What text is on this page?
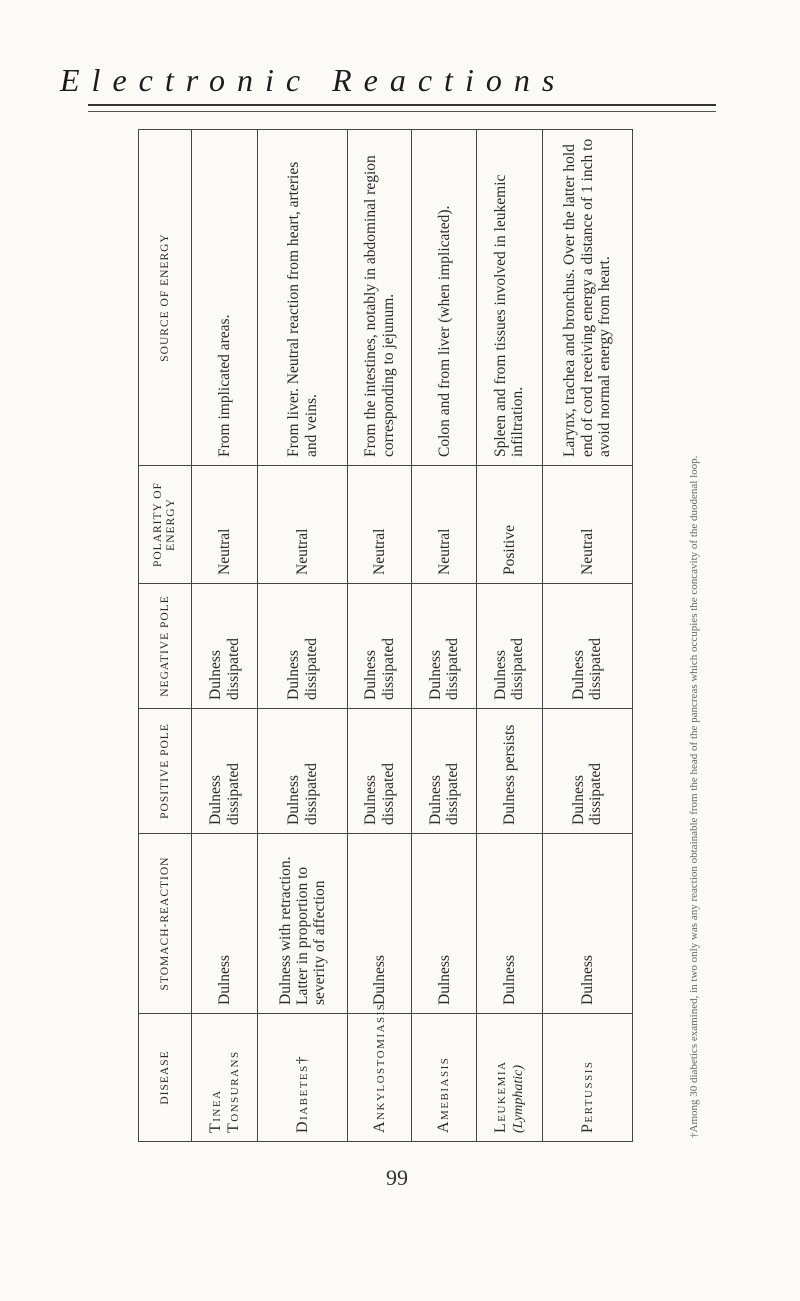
Electronic Reactions
DISEASE	STOMACH-REACTION	POSITIVE POLE	NEGATIVE POLE	POLARITY OF ENERGY	SOURCE OF ENERGY
Tinea Tonsurans	Dulness	Dulness dissipated	Dulness dissipated	Neutral	From implicated areas.
Diabetes†	Dulness with retraction. Latter in proportion to severity of affection	Dulness dissipated	Dulness dissipated	Neutral	From liver. Neutral reaction from heart, arteries and veins.
Ankylostomiasis	Dulness	Dulness dissipated	Dulness dissipated	Neutral	From the intestines, notably in abdominal region corresponding to jejunum.
Amebiasis	Dulness	Dulness dissipated	Dulness dissipated	Neutral	Colon and from liver (when implicated).
Leukemia (Lymphatic)	Dulness	Dulness persists	Dulness dissipated	Positive	Spleen and from tissues involved in leukemic infiltration.
Pertussis	Dulness	Dulness dissipated	Dulness dissipated	Neutral	Larynx, trachea and bronchus. Over the latter hold end of cord receiving energy a distance of 1 inch to avoid normal energy from heart.
†Among 30 diabetics examined, in two only was any reaction obtainable from the head of the pancreas which occupies the concavity of the duodenal loop.
99
